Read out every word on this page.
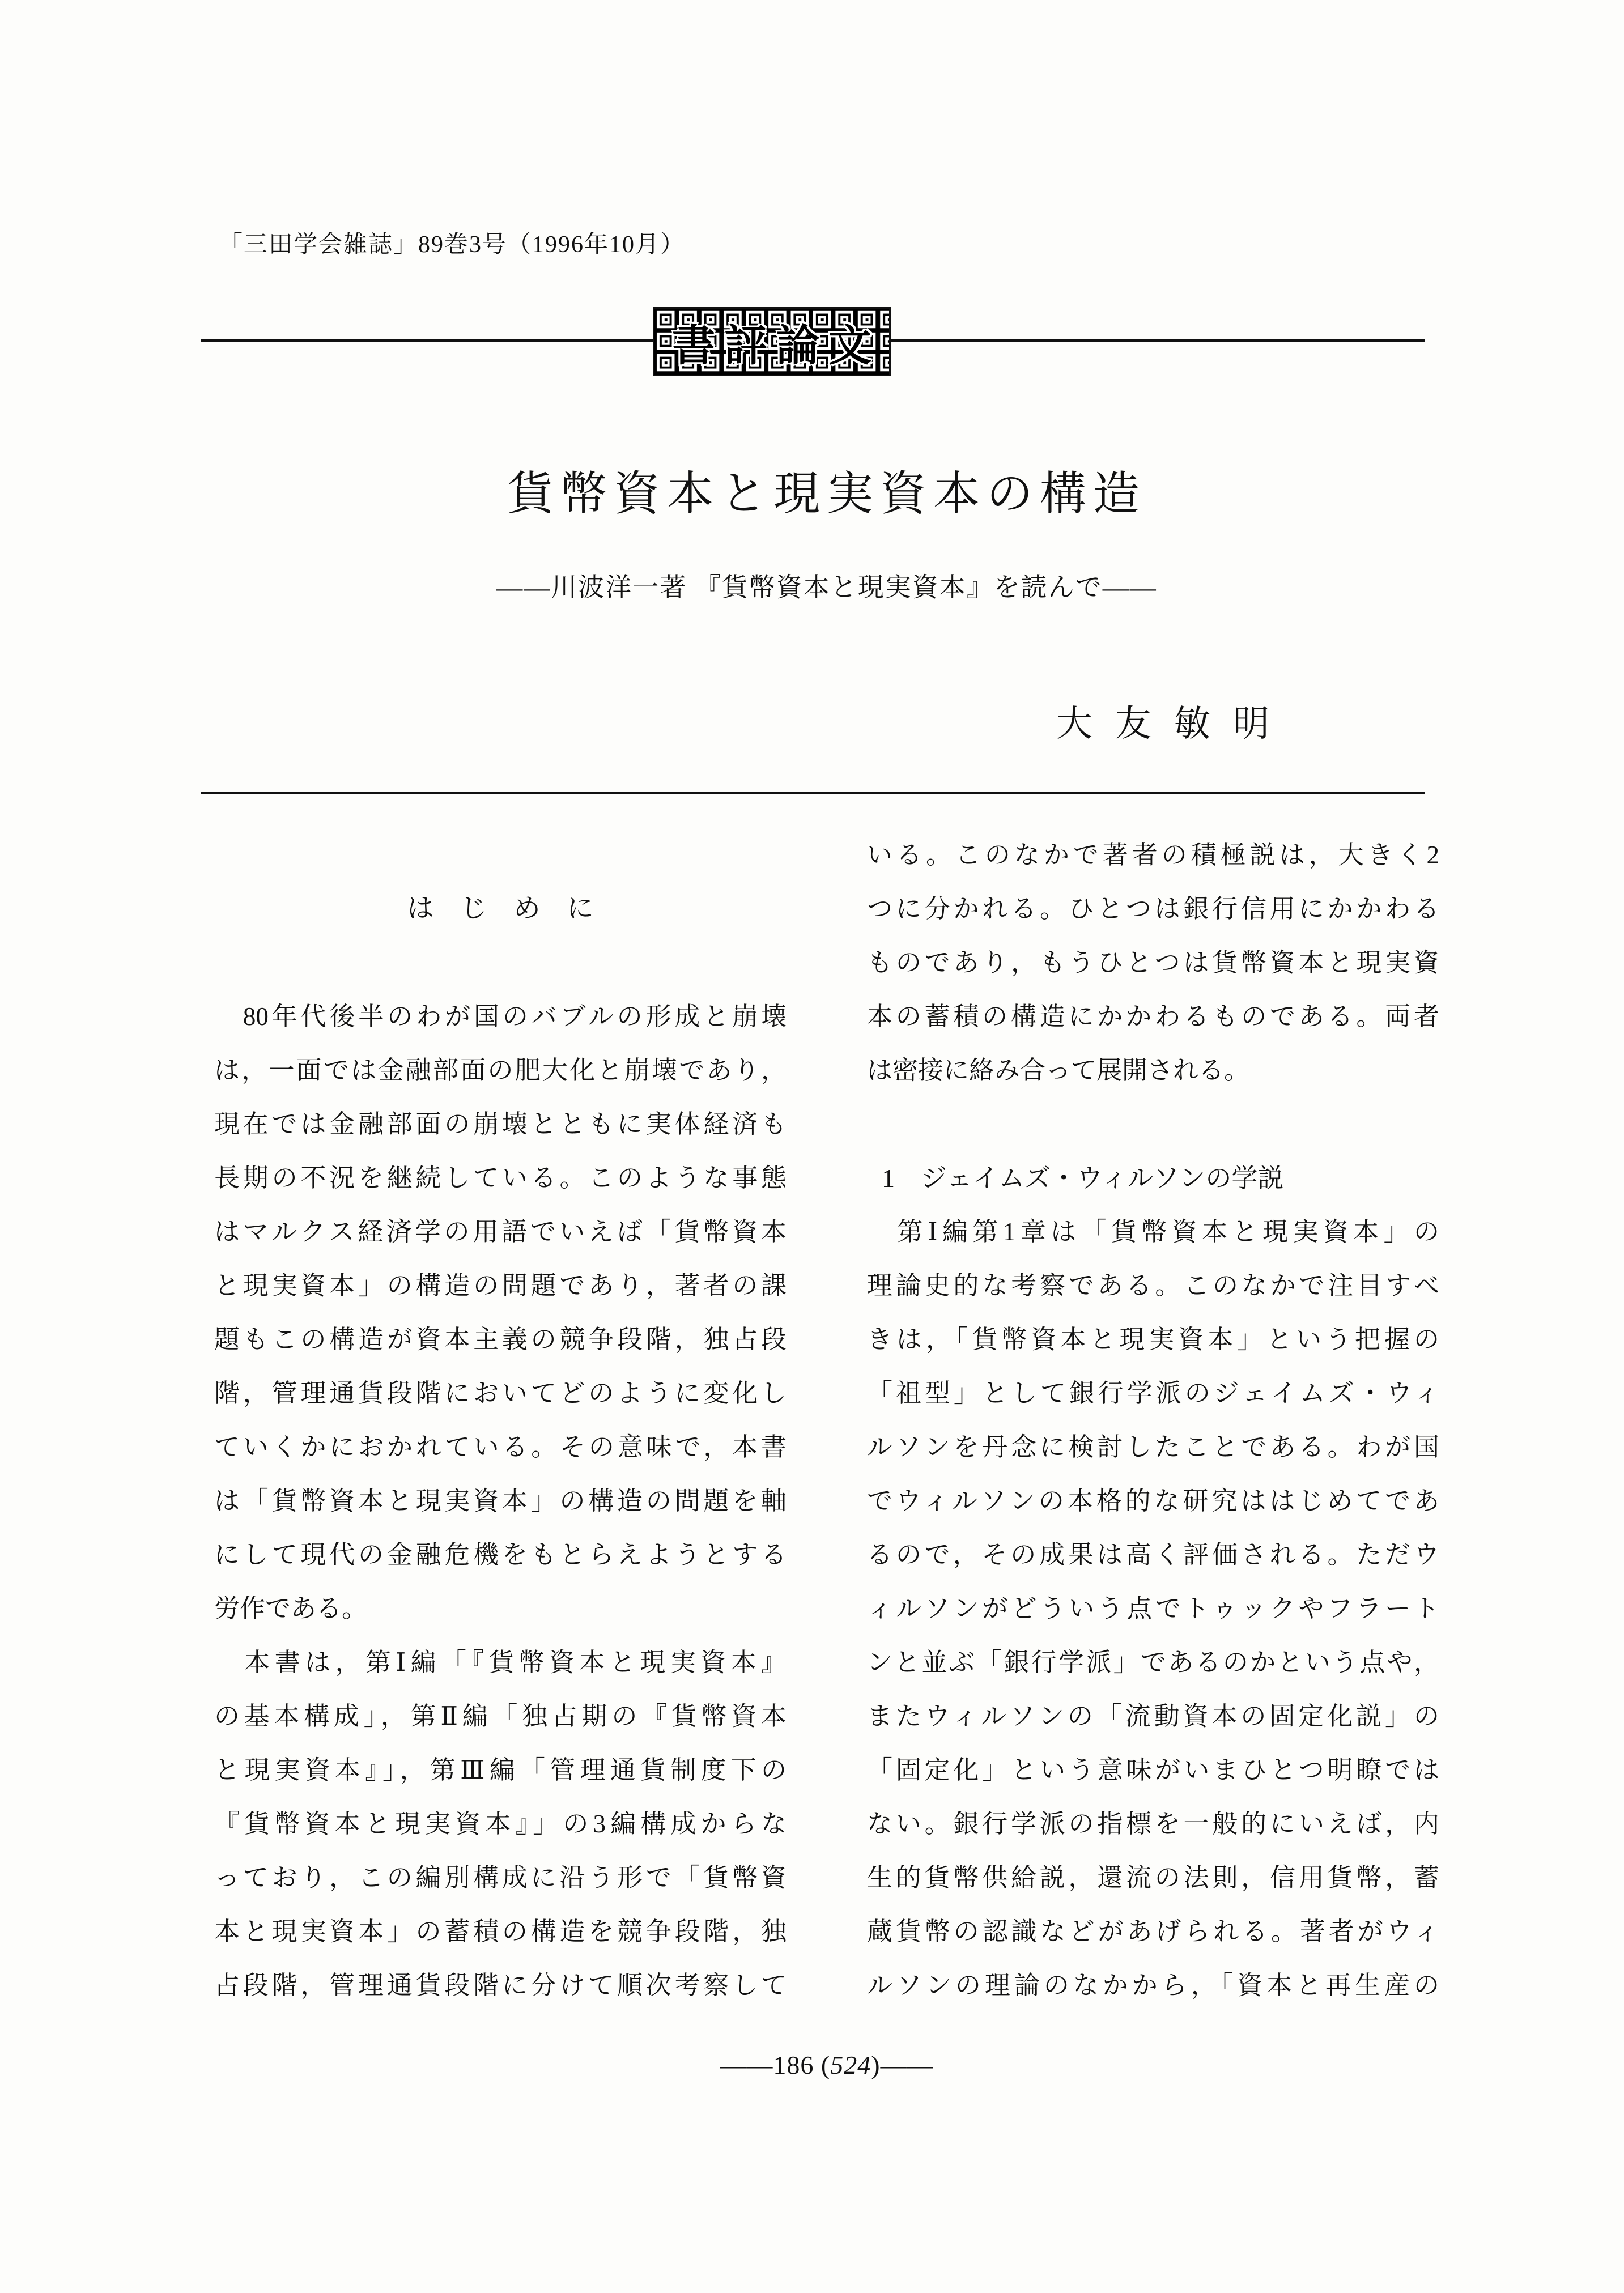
「三田学会雑誌」89巻3号（1996年10月）
書評論文
貨幣資本と現実資本の構造
――川波洋一著 『貨幣資本と現実資本』を読んで――
大友敏明
はじめに
　80年代後半のわが国のバブルの形成と崩壊
は，一面では金融部面の肥大化と崩壊であり，
現在では金融部面の崩壊とともに実体経済も
長期の不況を継続している。このような事態
はマルクス経済学の用語でいえば「貨幣資本
と現実資本」の構造の問題であり，著者の課
題もこの構造が資本主義の競争段階，独占段
階，管理通貨段階においてどのように変化し
ていくかにおかれている。その意味で，本書
は「貨幣資本と現実資本」の構造の問題を軸
にして現代の金融危機をもとらえようとする
労作である。
　本書は，第Ⅰ編「『貨幣資本と現実資本』
の基本構成」，第Ⅱ編「独占期の『貨幣資本
と現実資本』」，第Ⅲ編「管理通貨制度下の
『貨幣資本と現実資本』」の3編構成からな
っており，この編別構成に沿う形で「貨幣資
本と現実資本」の蓄積の構造を競争段階，独
占段階，管理通貨段階に分けて順次考察して
いる。このなかで著者の積極説は，大きく2
つに分かれる。ひとつは銀行信用にかかわる
ものであり，もうひとつは貨幣資本と現実資
本の蓄積の構造にかかわるものである。両者
は密接に絡み合って展開される。
1　ジェイムズ・ウィルソンの学説
　第Ⅰ編第1章は「貨幣資本と現実資本」の
理論史的な考察である。このなかで注目すべ
きは，「貨幣資本と現実資本」という把握の
「祖型」として銀行学派のジェイムズ・ウィ
ルソンを丹念に検討したことである。わが国
でウィルソンの本格的な研究ははじめてであ
るので，その成果は高く評価される。ただウ
ィルソンがどういう点でトゥックやフラート
ンと並ぶ「銀行学派」であるのかという点や，
またウィルソンの「流動資本の固定化説」の
「固定化」という意味がいまひとつ明瞭では
ない。銀行学派の指標を一般的にいえば，内
生的貨幣供給説，還流の法則，信用貨幣，蓄
蔵貨幣の認識などがあげられる。著者がウィ
ルソンの理論のなかから，「資本と再生産の
——186 (524)——
